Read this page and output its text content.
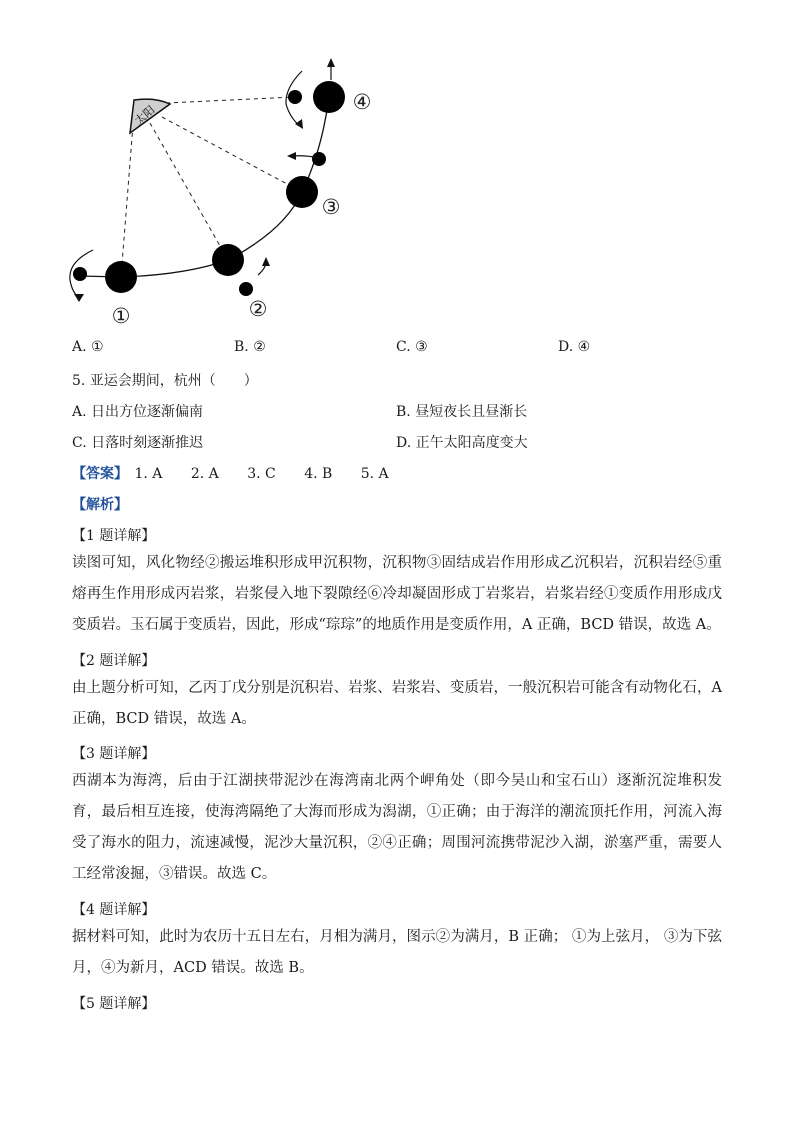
太阳
①	②
③
④
A. ①	B. ②	C. ③	D. ④
5. 亚运会期间，杭州（　　）
A. 日出方位逐渐偏南	B. 昼短夜长且昼渐长
C. 日落时刻逐渐推迟	D. 正午太阳高度变大
【答案】 1. A 2. A 3. C 4. B 5. A
【解析】
【1 题详解】
读图可知，风化物经②搬运堆积形成甲沉积物，沉积物③固结成岩作用形成乙沉积岩，沉积岩经⑤重熔再生作用形成丙岩浆，岩浆侵入地下裂隙经⑥冷却凝固形成丁岩浆岩，岩浆岩经①变质作用形成戊变质岩。玉石属于变质岩，因此，形成“琮琮”的地质作用是变质作用，A 正确，BCD 错误，故选 A。
【2 题详解】
由上题分析可知，乙丙丁戊分别是沉积岩、岩浆、岩浆岩、变质岩，一般沉积岩可能含有动物化石，A 正确，BCD 错误，故选 A。
【3 题详解】
西湖本为海湾，后由于江湖挟带泥沙在海湾南北两个岬角处（即今吴山和宝石山）逐渐沉淀堆积发育，最后相互连接，使海湾隔绝了大海而形成为潟湖，①正确；由于海洋的潮流顶托作用，河流入海受了海水的阻力，流速减慢，泥沙大量沉积，②④正确；周围河流携带泥沙入湖，淤塞严重，需要人工经常浚掘，③错误。故选 C。
【4 题详解】
据材料可知，此时为农历十五日左右，月相为满月，图示②为满月，B 正确； ①为上弦月， ③为下弦月，④为新月，ACD 错误。故选 B。
【5 题详解】
